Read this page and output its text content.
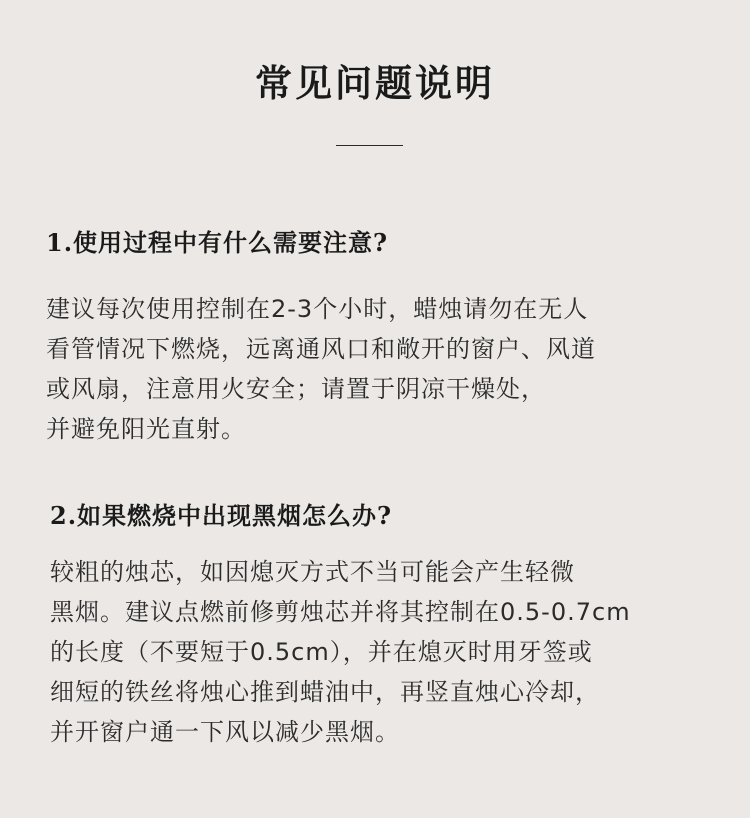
常见问题说明
1.使用过程中有什么需要注意?
建议每次使用控制在2-3个小时，蜡烛请勿在无人
看管情况下燃烧，远离通风口和敞开的窗户、风道
或风扇，注意用火安全；请置于阴凉干燥处，
并避免阳光直射。
2.如果燃烧中出现黑烟怎么办?
较粗的烛芯，如因熄灭方式不当可能会产生轻微
黑烟。建议点燃前修剪烛芯并将其控制在0.5-0.7cm
的长度（不要短于0.5cm），并在熄灭时用牙签或
细短的铁丝将烛心推到蜡油中，再竖直烛心冷却，
并开窗户通一下风以减少黑烟。
